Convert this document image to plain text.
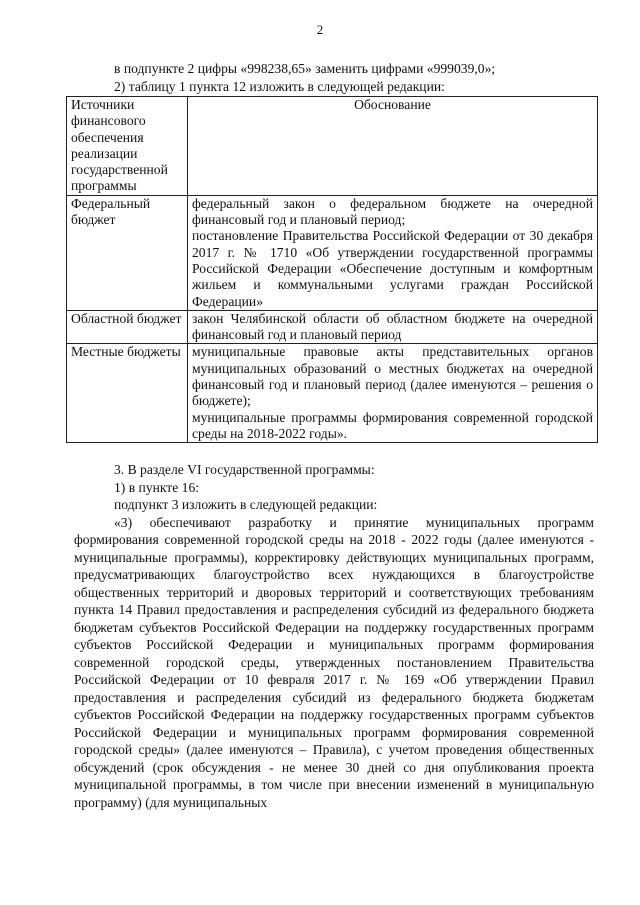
2
в подпункте 2 цифры «998238,65» заменить цифрами «999039,0»;
2) таблицу 1 пункта 12 изложить в следующей редакции:
Источники финансового обеспечения реализации государственной программы	Обоснование
Федеральный бюджет	федеральный закон о федеральном бюджете на очередной финансовый год и плановый период;
постановление Правительства Российской Федерации от 30 декабря 2017 г. № 1710 «Об утверждении государственной программы Российской Федерации «Обеспечение доступным и комфортным жильем и коммунальными услугами граждан Российской Федерации»

Областной бюджет	закон Челябинской области об областном бюджете на очередной финансовый год и плановый период

Местные бюджеты	муниципальные правовые акты представительных органов муниципальных образований о местных бюджетах на очередной финансовый год и плановый период (далее именуются – решения о бюджете);
муниципальные программы формирования современной городской среды на 2018-2022 годы».
3. В разделе VI государственной программы:
1) в пункте 16:
подпункт 3 изложить в следующей редакции:
«3) обеспечивают разработку и принятие муниципальных программ формирования современной городской среды на 2018 - 2022 годы (далее именуются - муниципальные программы), корректировку действующих муниципальных программ, предусматривающих благоустройство всех нуждающихся в благоустройстве общественных территорий и дворовых территорий и соответствующих требованиям пункта 14 Правил предоставления и распределения субсидий из федерального бюджета бюджетам субъектов Российской Федерации на поддержку государственных программ субъектов Российской Федерации и муниципальных программ формирования современной городской среды, утвержденных постановлением Правительства Российской Федерации от 10 февраля 2017 г. № 169 «Об утверждении Правил предоставления и распределения субсидий из федерального бюджета бюджетам субъектов Российской Федерации на поддержку государственных программ субъектов Российской Федерации и муниципальных программ формирования современной городской среды» (далее именуются – Правила), с учетом проведения общественных обсуждений (срок обсуждения - не менее 30 дней со дня опубликования проекта муниципальной программы, в том числе при внесении изменений в муниципальную программу) (для муниципальных
